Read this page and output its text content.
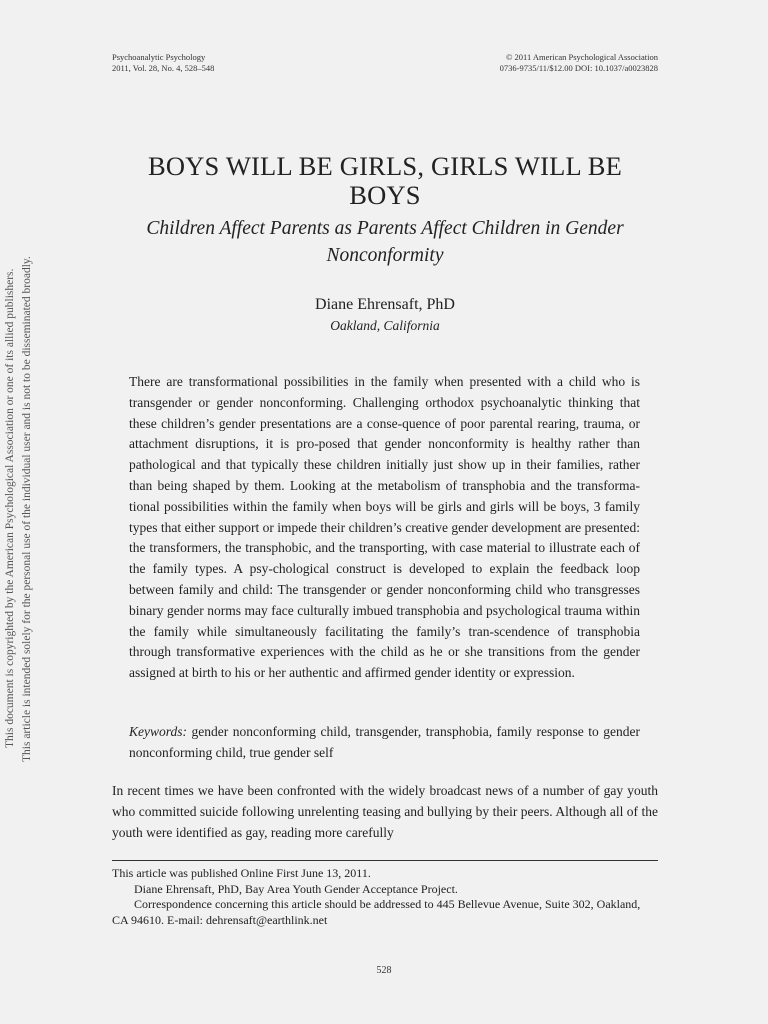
Psychoanalytic Psychology
2011, Vol. 28, No. 4, 528–548
© 2011 American Psychological Association
0736-9735/11/$12.00 DOI: 10.1037/a0023828
This document is copyrighted by the American Psychological Association or one of its allied publishers. This article is intended solely for the personal use of the individual user and is not to be disseminated broadly.
BOYS WILL BE GIRLS, GIRLS WILL BE BOYS
Children Affect Parents as Parents Affect Children in Gender Nonconformity
Diane Ehrensaft, PhD
Oakland, California
There are transformational possibilities in the family when presented with a child who is transgender or gender nonconforming. Challenging orthodox psychoanalytic thinking that these children’s gender presentations are a conse-quence of poor parental rearing, trauma, or attachment disruptions, it is pro-posed that gender nonconformity is healthy rather than pathological and that typically these children initially just show up in their families, rather than being shaped by them. Looking at the metabolism of transphobia and the transforma-tional possibilities within the family when boys will be girls and girls will be boys, 3 family types that either support or impede their children’s creative gender development are presented: the transformers, the transphobic, and the transporting, with case material to illustrate each of the family types. A psy-chological construct is developed to explain the feedback loop between family and child: The transgender or gender nonconforming child who transgresses binary gender norms may face culturally imbued transphobia and psychological trauma within the family while simultaneously facilitating the family’s tran-scendence of transphobia through transformative experiences with the child as he or she transitions from the gender assigned at birth to his or her authentic and affirmed gender identity or expression.
Keywords: gender nonconforming child, transgender, transphobia, family response to gender nonconforming child, true gender self
In recent times we have been confronted with the widely broadcast news of a number of gay youth who committed suicide following unrelenting teasing and bullying by their peers. Although all of the youth were identified as gay, reading more carefully
This article was published Online First June 13, 2011.
Diane Ehrensaft, PhD, Bay Area Youth Gender Acceptance Project.
Correspondence concerning this article should be addressed to 445 Bellevue Avenue, Suite 302, Oakland, CA 94610. E-mail: dehrensaft@earthlink.net
528
